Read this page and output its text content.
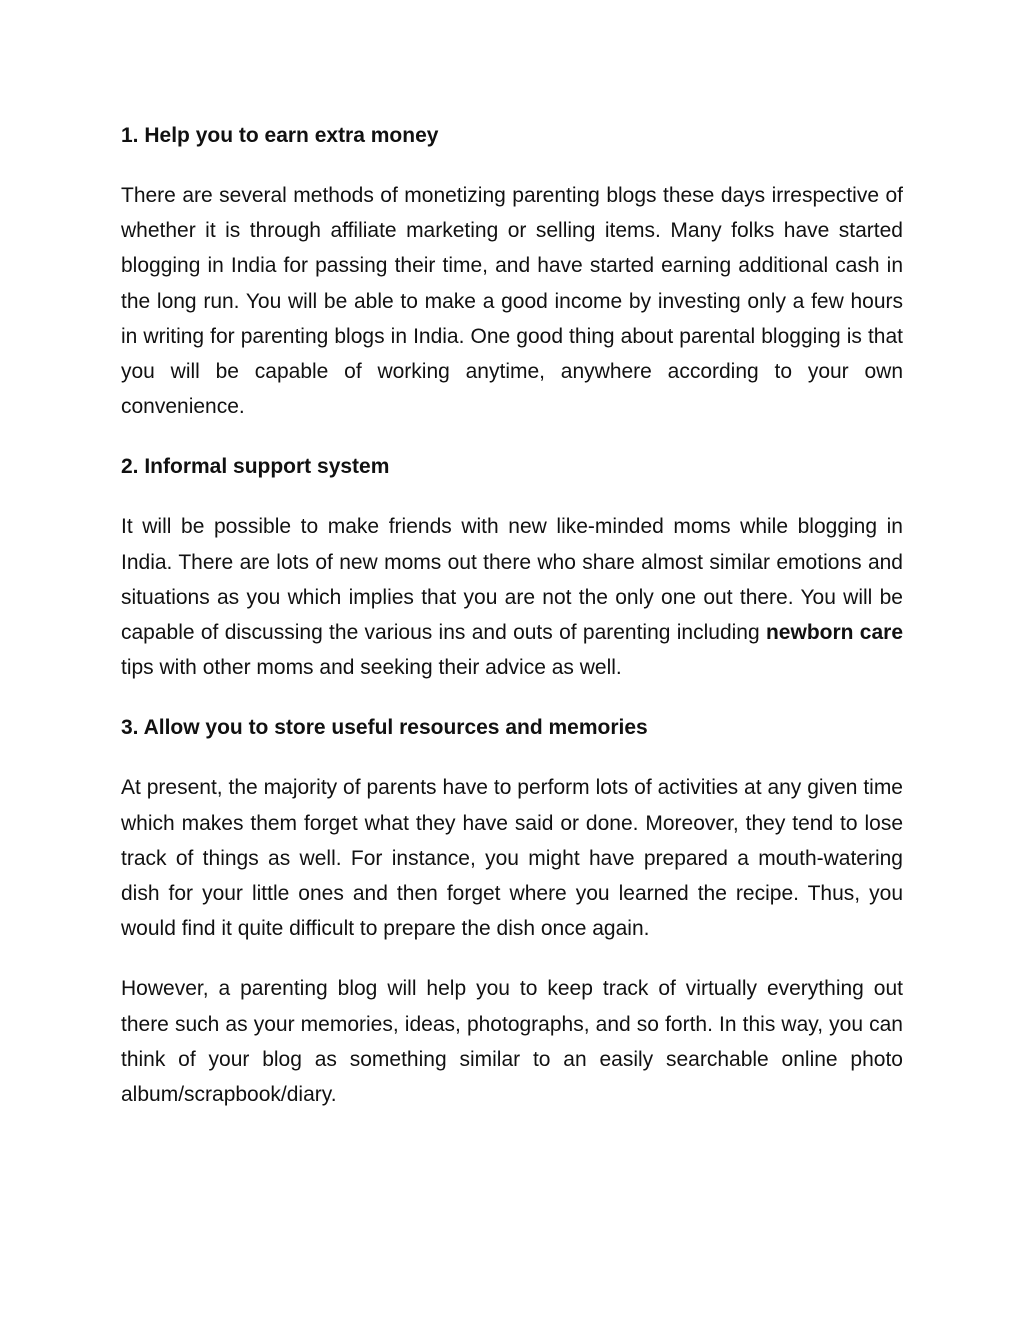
1. Help you to earn extra money

There are several methods of monetizing parenting blogs these days irrespective of whether it is through affiliate marketing or selling items. Many folks have started blogging in India for passing their time, and have started earning additional cash in the long run. You will be able to make a good income by investing only a few hours in writing for parenting blogs in India. One good thing about parental blogging is that you will be capable of working anytime, anywhere according to your own convenience.

2. Informal support system

It will be possible to make friends with new like-minded moms while blogging in India. There are lots of new moms out there who share almost similar emotions and situations as you which implies that you are not the only one out there. You will be capable of discussing the various ins and outs of parenting including newborn care tips with other moms and seeking their advice as well.

3. Allow you to store useful resources and memories

At present, the majority of parents have to perform lots of activities at any given time which makes them forget what they have said or done. Moreover, they tend to lose track of things as well. For instance, you might have prepared a mouth-watering dish for your little ones and then forget where you learned the recipe. Thus, you would find it quite difficult to prepare the dish once again.

However, a parenting blog will help you to keep track of virtually everything out there such as your memories, ideas, photographs, and so forth. In this way, you can think of your blog as something similar to an easily searchable online photo album/scrapbook/diary.
